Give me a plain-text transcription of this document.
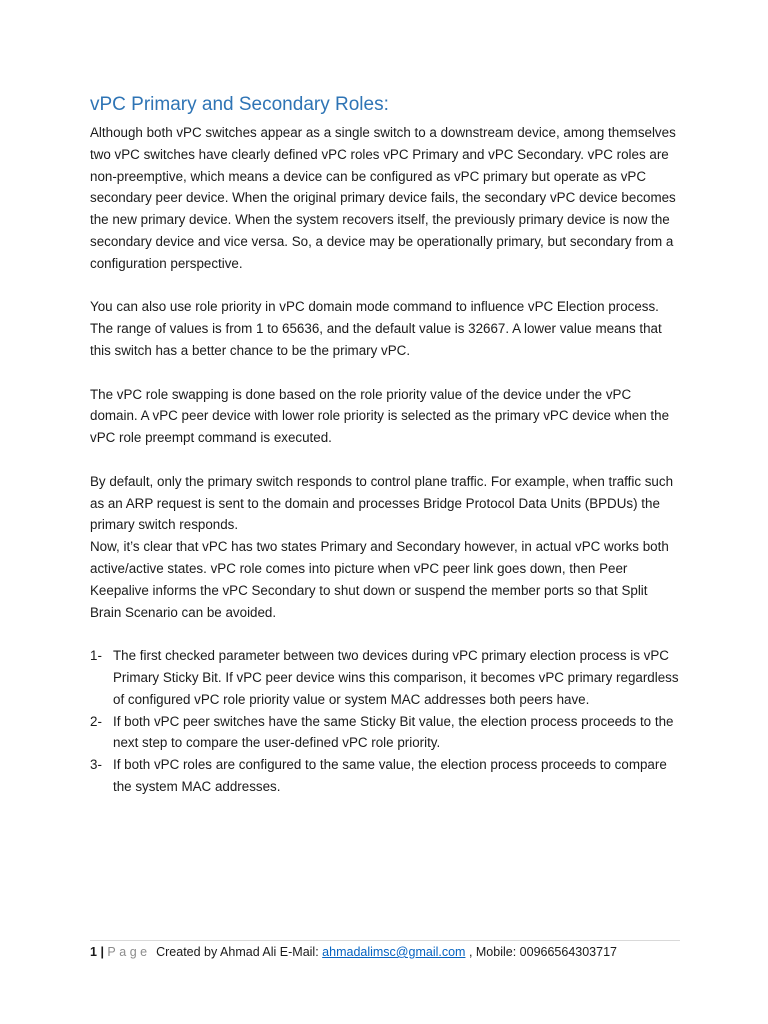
vPC Primary and Secondary Roles:

Although both vPC switches appear as a single switch to a downstream device, among themselves two vPC switches have clearly defined vPC roles vPC Primary and vPC Secondary. vPC roles are non-preemptive, which means a device can be configured as vPC primary but operate as vPC secondary peer device. When the original primary device fails, the secondary vPC device becomes the new primary device. When the system recovers itself, the previously primary device is now the secondary device and vice versa. So, a device may be operationally primary, but secondary from a configuration perspective.

You can also use role priority in vPC domain mode command to influence vPC Election process. The range of values is from 1 to 65636, and the default value is 32667. A lower value means that this switch has a better chance to be the primary vPC.

The vPC role swapping is done based on the role priority value of the device under the vPC domain. A vPC peer device with lower role priority is selected as the primary vPC device when the vPC role preempt command is executed.

By default, only the primary switch responds to control plane traffic. For example, when traffic such as an ARP request is sent to the domain and processes Bridge Protocol Data Units (BPDUs) the primary switch responds.

Now, it’s clear that vPC has two states Primary and Secondary however, in actual vPC works both active/active states. vPC role comes into picture when vPC peer link goes down, then Peer Keepalive informs the vPC Secondary to shut down or suspend the member ports so that Split Brain Scenario can be avoided.

1- The first checked parameter between two devices during vPC primary election process is vPC Primary Sticky Bit. If vPC peer device wins this comparison, it becomes vPC primary regardless of configured vPC role priority value or system MAC addresses both peers have.
2- If both vPC peer switches have the same Sticky Bit value, the election process proceeds to the next step to compare the user-defined vPC role priority.
3- If both vPC roles are configured to the same value, the election process proceeds to compare the system MAC addresses.
1 | Page Created by Ahmad Ali E-Mail: ahmadalimsc@gmail.com , Mobile: 00966564303717
